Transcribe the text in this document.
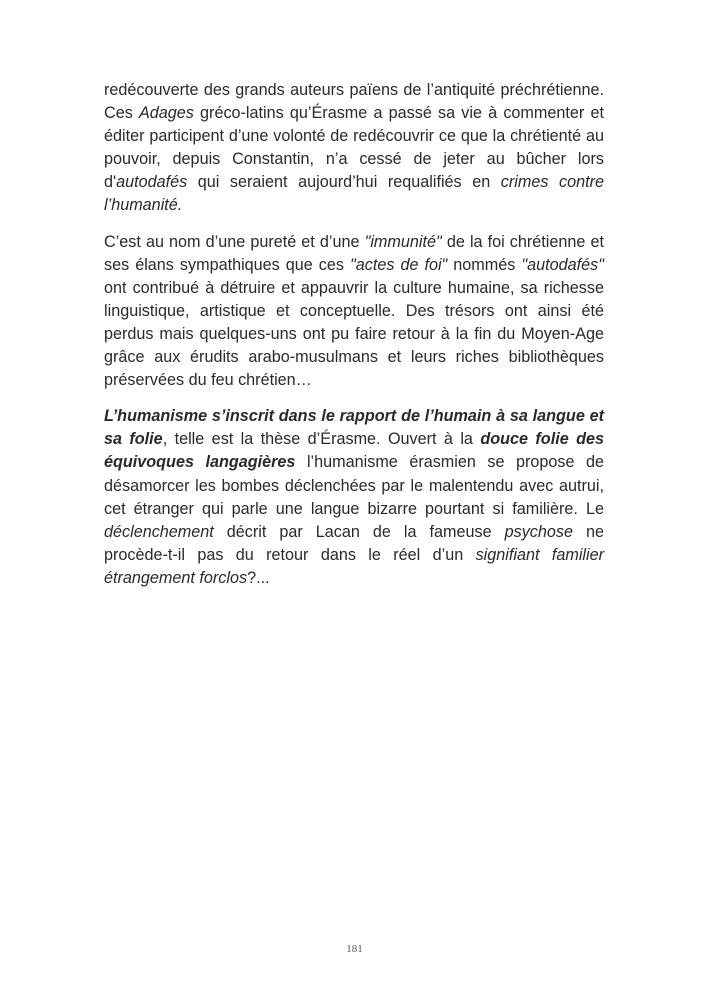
redécouverte des grands auteurs païens de l’antiquité préchrétienne. Ces Adages gréco-latins qu’Érasme a passé sa vie à commenter et éditer participent d’une volonté de redécouvrir ce que la chrétienté au pouvoir, depuis Constantin, n’a cessé de jeter au bûcher lors d'autodafés qui seraient aujourd’hui requalifiés en crimes contre l’humanité.

C’est au nom d’une pureté et d’une "immunité" de la foi chrétienne et ses élans sympathiques que ces "actes de foi" nommés "autodafés" ont contribué à détruire et appauvrir la culture humaine, sa richesse linguistique, artistique et conceptuelle. Des trésors ont ainsi été perdus mais quelques-uns ont pu faire retour à la fin du Moyen-Age grâce aux érudits arabo-musulmans et leurs riches bibliothèques préservées du feu chrétien…

L’humanisme s’inscrit dans le rapport de l’humain à sa langue et sa folie, telle est la thèse d’Érasme. Ouvert à la douce folie des équivoques langagières l’humanisme érasmien se propose de désamorcer les bombes déclenchées par le malentendu avec autrui, cet étranger qui parle une langue bizarre pourtant si familière. Le déclenchement décrit par Lacan de la fameuse psychose ne procède-t-il pas du retour dans le réel d’un signifiant familier étrangement forclos?...

181
